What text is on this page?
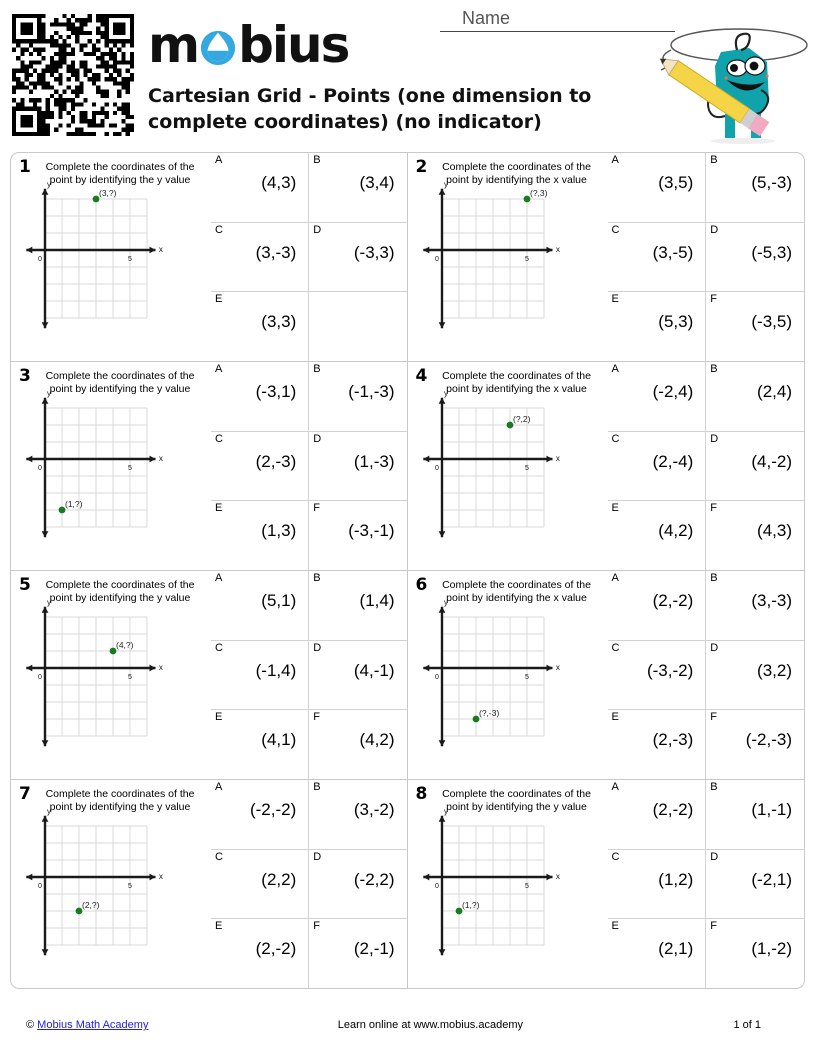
m bius
Cartesian Grid - Points (one dimension to complete coordinates) (no indicator)
Name
1	Complete the coordinates of the point by identifying the y value
x
y
0	5
(3,?)
A
(4,3)
B
(3,4)
C
(3,-3)
D
(-3,3)
E
(3,3)
2	Complete the coordinates of the point by identifying the x value
x
y
0	5
(?,3)
A
(3,5)
B
(5,-3)
C
(3,-5)
D
(-5,3)
E
(5,3)
F
(-3,5)
3	Complete the coordinates of the point by identifying the y value
x
y
0	5
(1,?)
A
(-3,1)
B
(-1,-3)
C
(2,-3)
D
(1,-3)
E
(1,3)
F
(-3,-1)
4	Complete the coordinates of the point by identifying the x value
x
y
0	5
(?,2)
A
(-2,4)
B
(2,4)
C
(2,-4)
D
(4,-2)
E
(4,2)
F
(4,3)
5	Complete the coordinates of the point by identifying the y value
x
y
0	5
(4,?)
A
(5,1)
B
(1,4)
C
(-1,4)
D
(4,-1)
E
(4,1)
F
(4,2)
6	Complete the coordinates of the point by identifying the x value
x
y
0	5
(?,-3)
A
(2,-2)
B
(3,-3)
C
(-3,-2)
D
(3,2)
E
(2,-3)
F
(-2,-3)
7	Complete the coordinates of the point by identifying the y value
x
y
0	5
(2,?)
A
(-2,-2)
B
(3,-2)
C
(2,2)
D
(-2,2)
E
(2,-2)
F
(2,-1)
8	Complete the coordinates of the point by identifying the y value
x
y
0	5
(1,?)
A
(2,-2)
B
(1,-1)
C
(1,2)
D
(-2,1)
E
(2,1)
F
(1,-2)
© Mobius Math Academy	Learn online at www.mobius.academy	1 of 1
